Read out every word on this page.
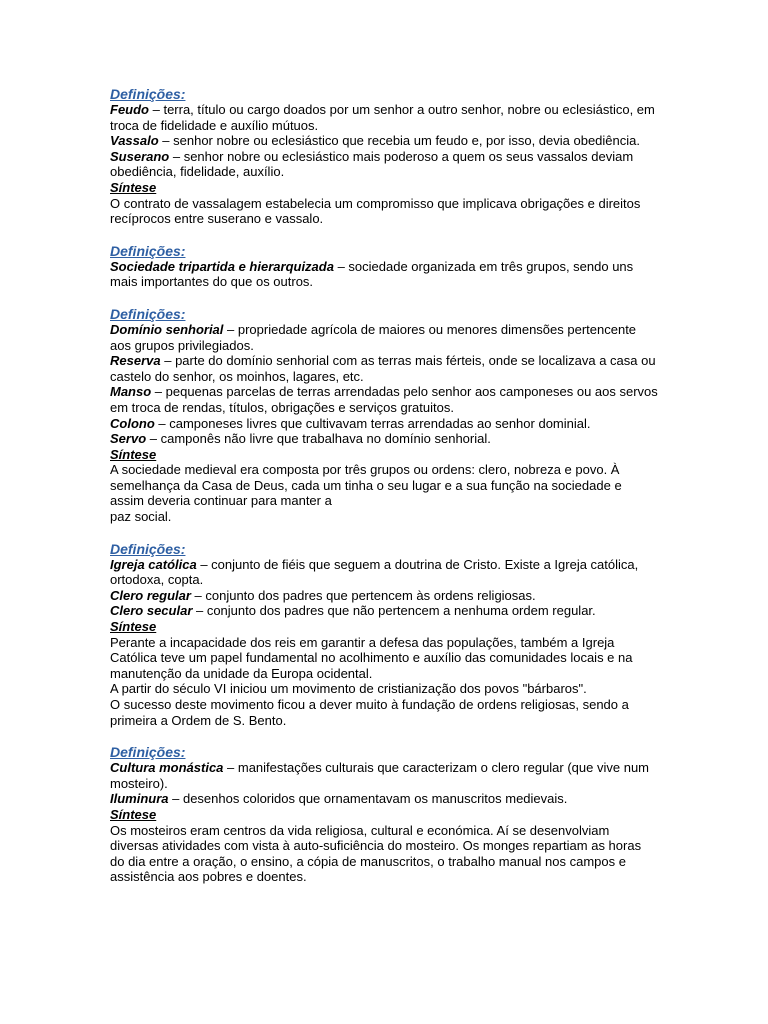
Definições:

Feudo – terra, título ou cargo doados por um senhor a outro senhor, nobre ou eclesiástico, em troca de fidelidade e auxílio mútuos.

Vassalo – senhor nobre ou eclesiástico que recebia um feudo e, por isso, devia obediência.

Suserano – senhor nobre ou eclesiástico mais poderoso a quem os seus vassalos deviam obediência, fidelidade, auxílio.

Síntese

O contrato de vassalagem estabelecia um compromisso que implicava obrigações e direitos recíprocos entre suserano e vassalo.

Definições:

Sociedade tripartida e hierarquizada – sociedade organizada em três grupos, sendo uns mais importantes do que os outros.

Definições:

Domínio senhorial – propriedade agrícola de maiores ou menores dimensões pertencente aos grupos privilegiados.

Reserva – parte do domínio senhorial com as terras mais férteis, onde se localizava a casa ou castelo do senhor, os moinhos, lagares, etc.

Manso – pequenas parcelas de terras arrendadas pelo senhor aos camponeses ou aos servos em troca de rendas, títulos, obrigações e serviços gratuitos.

Colono – camponeses livres que cultivavam terras arrendadas ao senhor dominial.

Servo – camponês não livre que trabalhava no domínio senhorial.

Síntese

A sociedade medieval era composta por três grupos ou ordens: clero, nobreza e povo. À semelhança da Casa de Deus, cada um tinha o seu lugar e a sua função na sociedade e assim deveria continuar para manter a

paz social.

Definições:

Igreja católica – conjunto de fiéis que seguem a doutrina de Cristo. Existe a Igreja católica, ortodoxa, copta.

Clero regular – conjunto dos padres que pertencem às ordens religiosas.

Clero secular – conjunto dos padres que não pertencem a nenhuma ordem regular.

Síntese

Perante a incapacidade dos reis em garantir a defesa das populações, também a Igreja Católica teve um papel fundamental no acolhimento e auxílio das comunidades locais e na manutenção da unidade da Europa ocidental.

A partir do século VI iniciou um movimento de cristianização dos povos "bárbaros".

O sucesso deste movimento ficou a dever muito à fundação de ordens religiosas, sendo a primeira a Ordem de S. Bento.

Definições:

Cultura monástica – manifestações culturais que caracterizam o clero regular (que vive num mosteiro).

Iluminura – desenhos coloridos que ornamentavam os manuscritos medievais.

Síntese

Os mosteiros eram centros da vida religiosa, cultural e económica. Aí se desenvolviam diversas atividades com vista à auto-suficiência do mosteiro. Os monges repartiam as horas do dia entre a oração, o ensino, a cópia de manuscritos, o trabalho manual nos campos e assistência aos pobres e doentes.
